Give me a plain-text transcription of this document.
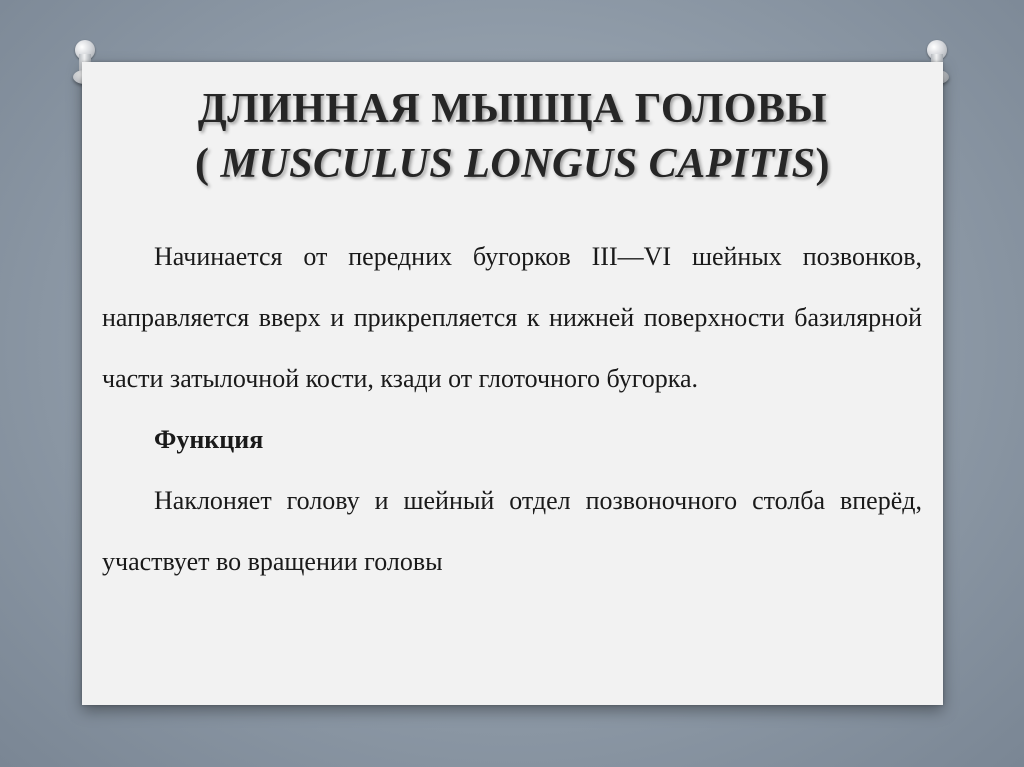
ДЛИННАЯ МЫШЦА ГОЛОВЫ
( MUSCULUS LONGUS CAPITIS)

Начинается от передних бугорков III—VI шейных позвонков, направляется вверх и прикрепляется к нижней поверхности базилярной части затылочной кости, кзади от глоточного бугорка.

Функция

Наклоняет голову и шейный отдел позвоночного столба вперёд, участвует во вращении головы
